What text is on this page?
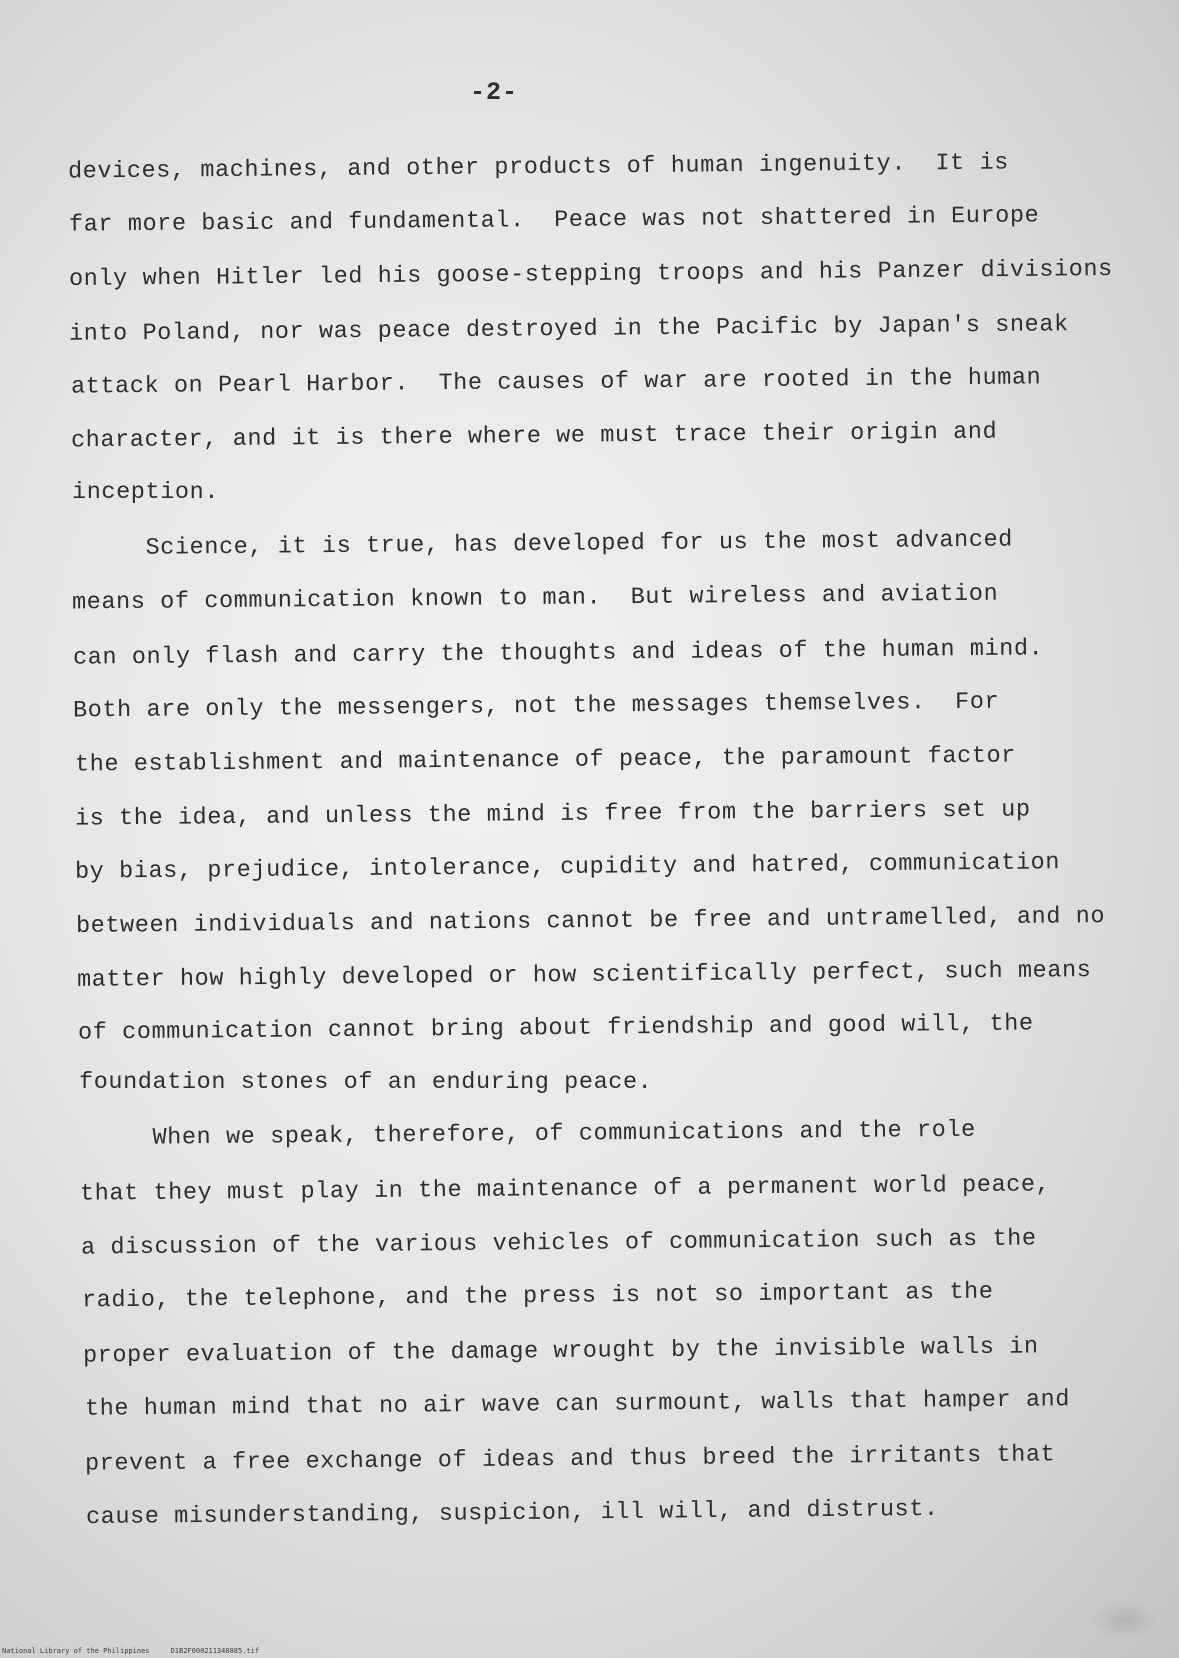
-2-
devices, machines, and other products of human ingenuity.  It is
far more basic and fundamental.  Peace was not shattered in Europe
only when Hitler led his goose-stepping troops and his Panzer divisions
into Poland, nor was peace destroyed in the Pacific by Japan's sneak
attack on Pearl Harbor.  The causes of war are rooted in the human
character, and it is there where we must trace their origin and
inception.
Science, it is true, has developed for us the most advanced
means of communication known to man.  But wireless and aviation
can only flash and carry the thoughts and ideas of the human mind.
Both are only the messengers, not the messages themselves.  For
the establishment and maintenance of peace, the paramount factor
is the idea, and unless the mind is free from the barriers set up
by bias, prejudice, intolerance, cupidity and hatred, communication
between individuals and nations cannot be free and untramelled, and no
matter how highly developed or how scientifically perfect, such means
of communication cannot bring about friendship and good will, the
foundation stones of an enduring peace.
When we speak, therefore, of communications and the role
that they must play in the maintenance of a permanent world peace,
a discussion of the various vehicles of communication such as the
radio, the telephone, and the press is not so important as the
proper evaluation of the damage wrought by the invisible walls in
the human mind that no air wave can surmount, walls that hamper and
prevent a free exchange of ideas and thus breed the irritants that
cause misunderstanding, suspicion, ill will, and distrust.
National Library of the Philippines     D1B2F000211348885.tif
